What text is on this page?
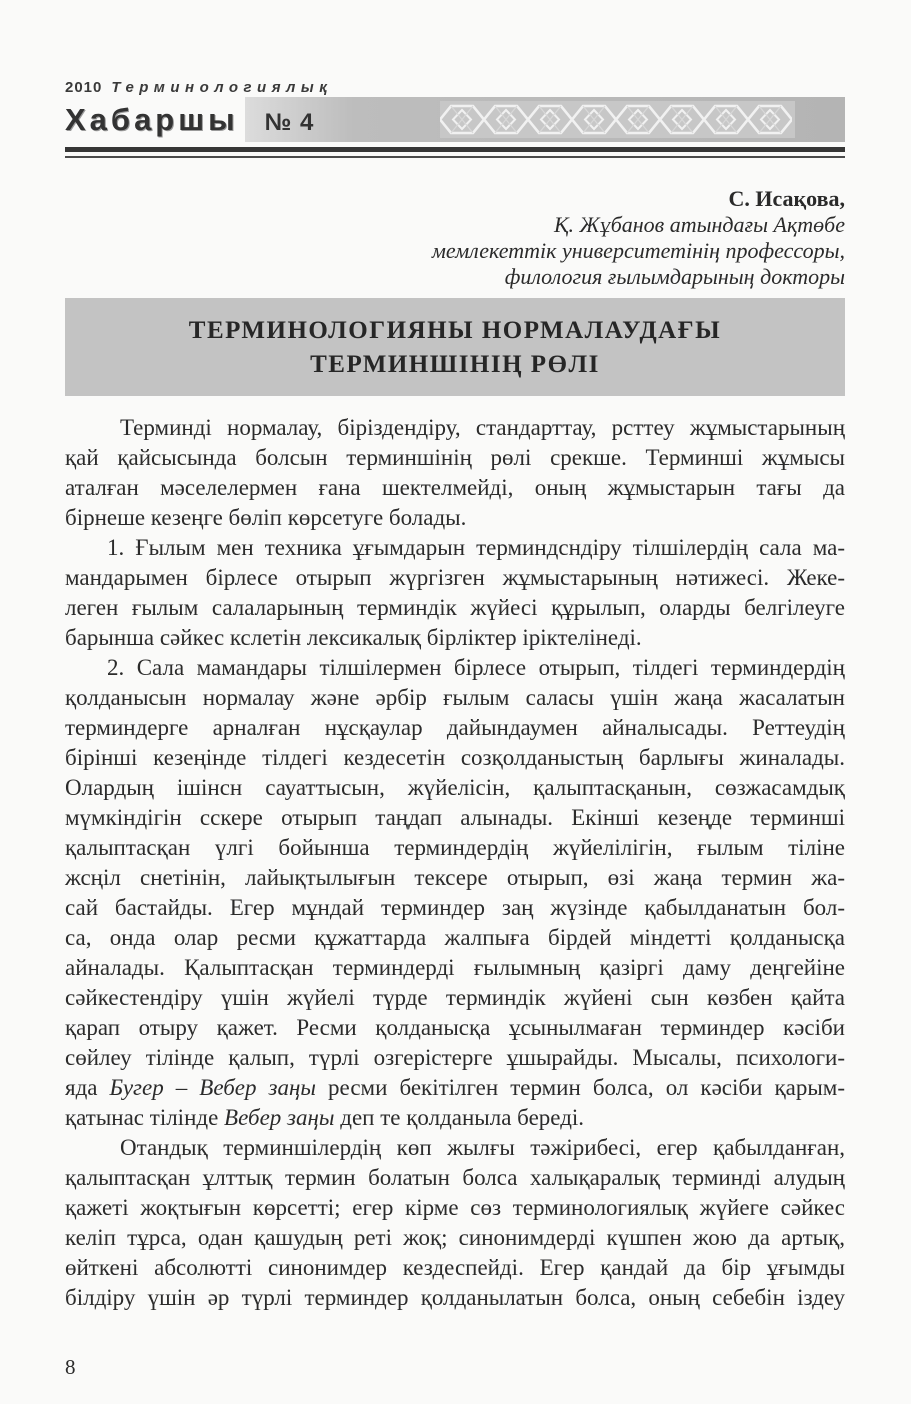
2010 Терминологиялық
Хабаршы № 4
С. Исақова,
Қ. Жұбанов атындағы Ақтөбе
мемлекеттік университетінің профессоры,
филология ғылымдарының докторы
ТЕРМИНОЛОГИЯНЫ НОРМАЛАУДАҒЫ
ТЕРМИНШІНІҢ РӨЛІ
Терминді нормалау, біріздендіру, стандарттау, рсттеу жұмыстарының
қай қайсысында болсын терминшінің рөлі срекше. Терминші жұмысы
аталған мәселелермен ғана шектелмейді, оның жұмыстарын тағы да
бірнеше кезеңге бөліп көрсетуге болады.
1. Ғылым мен техника ұғымдарын терминдсндіру тілшілердің сала ма-
мандарымен бірлесе отырып жүргізген жұмыстарының нәтижесі. Жеке-
леген ғылым салаларының терминдік жүйесі құрылып, оларды белгілеуге
барынша сәйкес кслетін лексикалық бірліктер іріктелінеді.
2. Сала мамандары тілшілермен бірлесе отырып, тілдегі терминдердің
қолданысын нормалау және әрбір ғылым саласы үшін жаңа жасалатын
терминдерге арналған нұсқаулар дайындаумен айналысады. Реттеудің
бірінші кезеңінде тілдегі кездесетін созқолданыстың барлығы жиналады.
Олардың ішінсн сауаттысын, жүйелісін, қалыптасқанын, сөзжасамдық
мүмкіндігін сскере отырып таңдап алынады. Екінші кезеңде терминші
қалыптасқан үлгі бойынша терминдердің жүйелілігін, ғылым тіліне
жсңіл снетінін, лайықтылығын тексере отырып, өзі жаңа термин жа-
сай бастайды. Егер мұндай терминдер заң жүзінде қабылданатын бол-
са, онда олар ресми құжаттарда жалпыға бірдей міндетті қолданысқа
айналады. Қалыптасқан терминдерді ғылымның қазіргі даму деңгейіне
сәйкестендіру үшін жүйелі түрде терминдік жүйені сын көзбен қайта
қарап отыру қажет. Ресми қолданысқа ұсынылмаған терминдер кәсіби
сөйлеу тілінде қалып, түрлі озгерістерге ұшырайды. Мысалы, психологи-
яда Бугер – Вебер заңы ресми бекітілген термин болса, ол кәсіби қарым-
қатынас тілінде Вебер заңы деп те қолданыла береді.
Отандық терминшілердің көп жылғы тәжірибесі, егер қабылданған,
қалыптасқан ұлттық термин болатын болса халықаралық терминді алудың
қажеті жоқтығын көрсетті; егер кірме сөз терминологиялық жүйеге сәйкес
келіп тұрса, одан қашудың реті жоқ; синонимдерді күшпен жою да артық,
өйткені абсолютті синонимдер кездеспейді. Егер қандай да бір ұғымды
білдіру үшін әр түрлі терминдер қолданылатын болса, оның себебін іздеу
8
